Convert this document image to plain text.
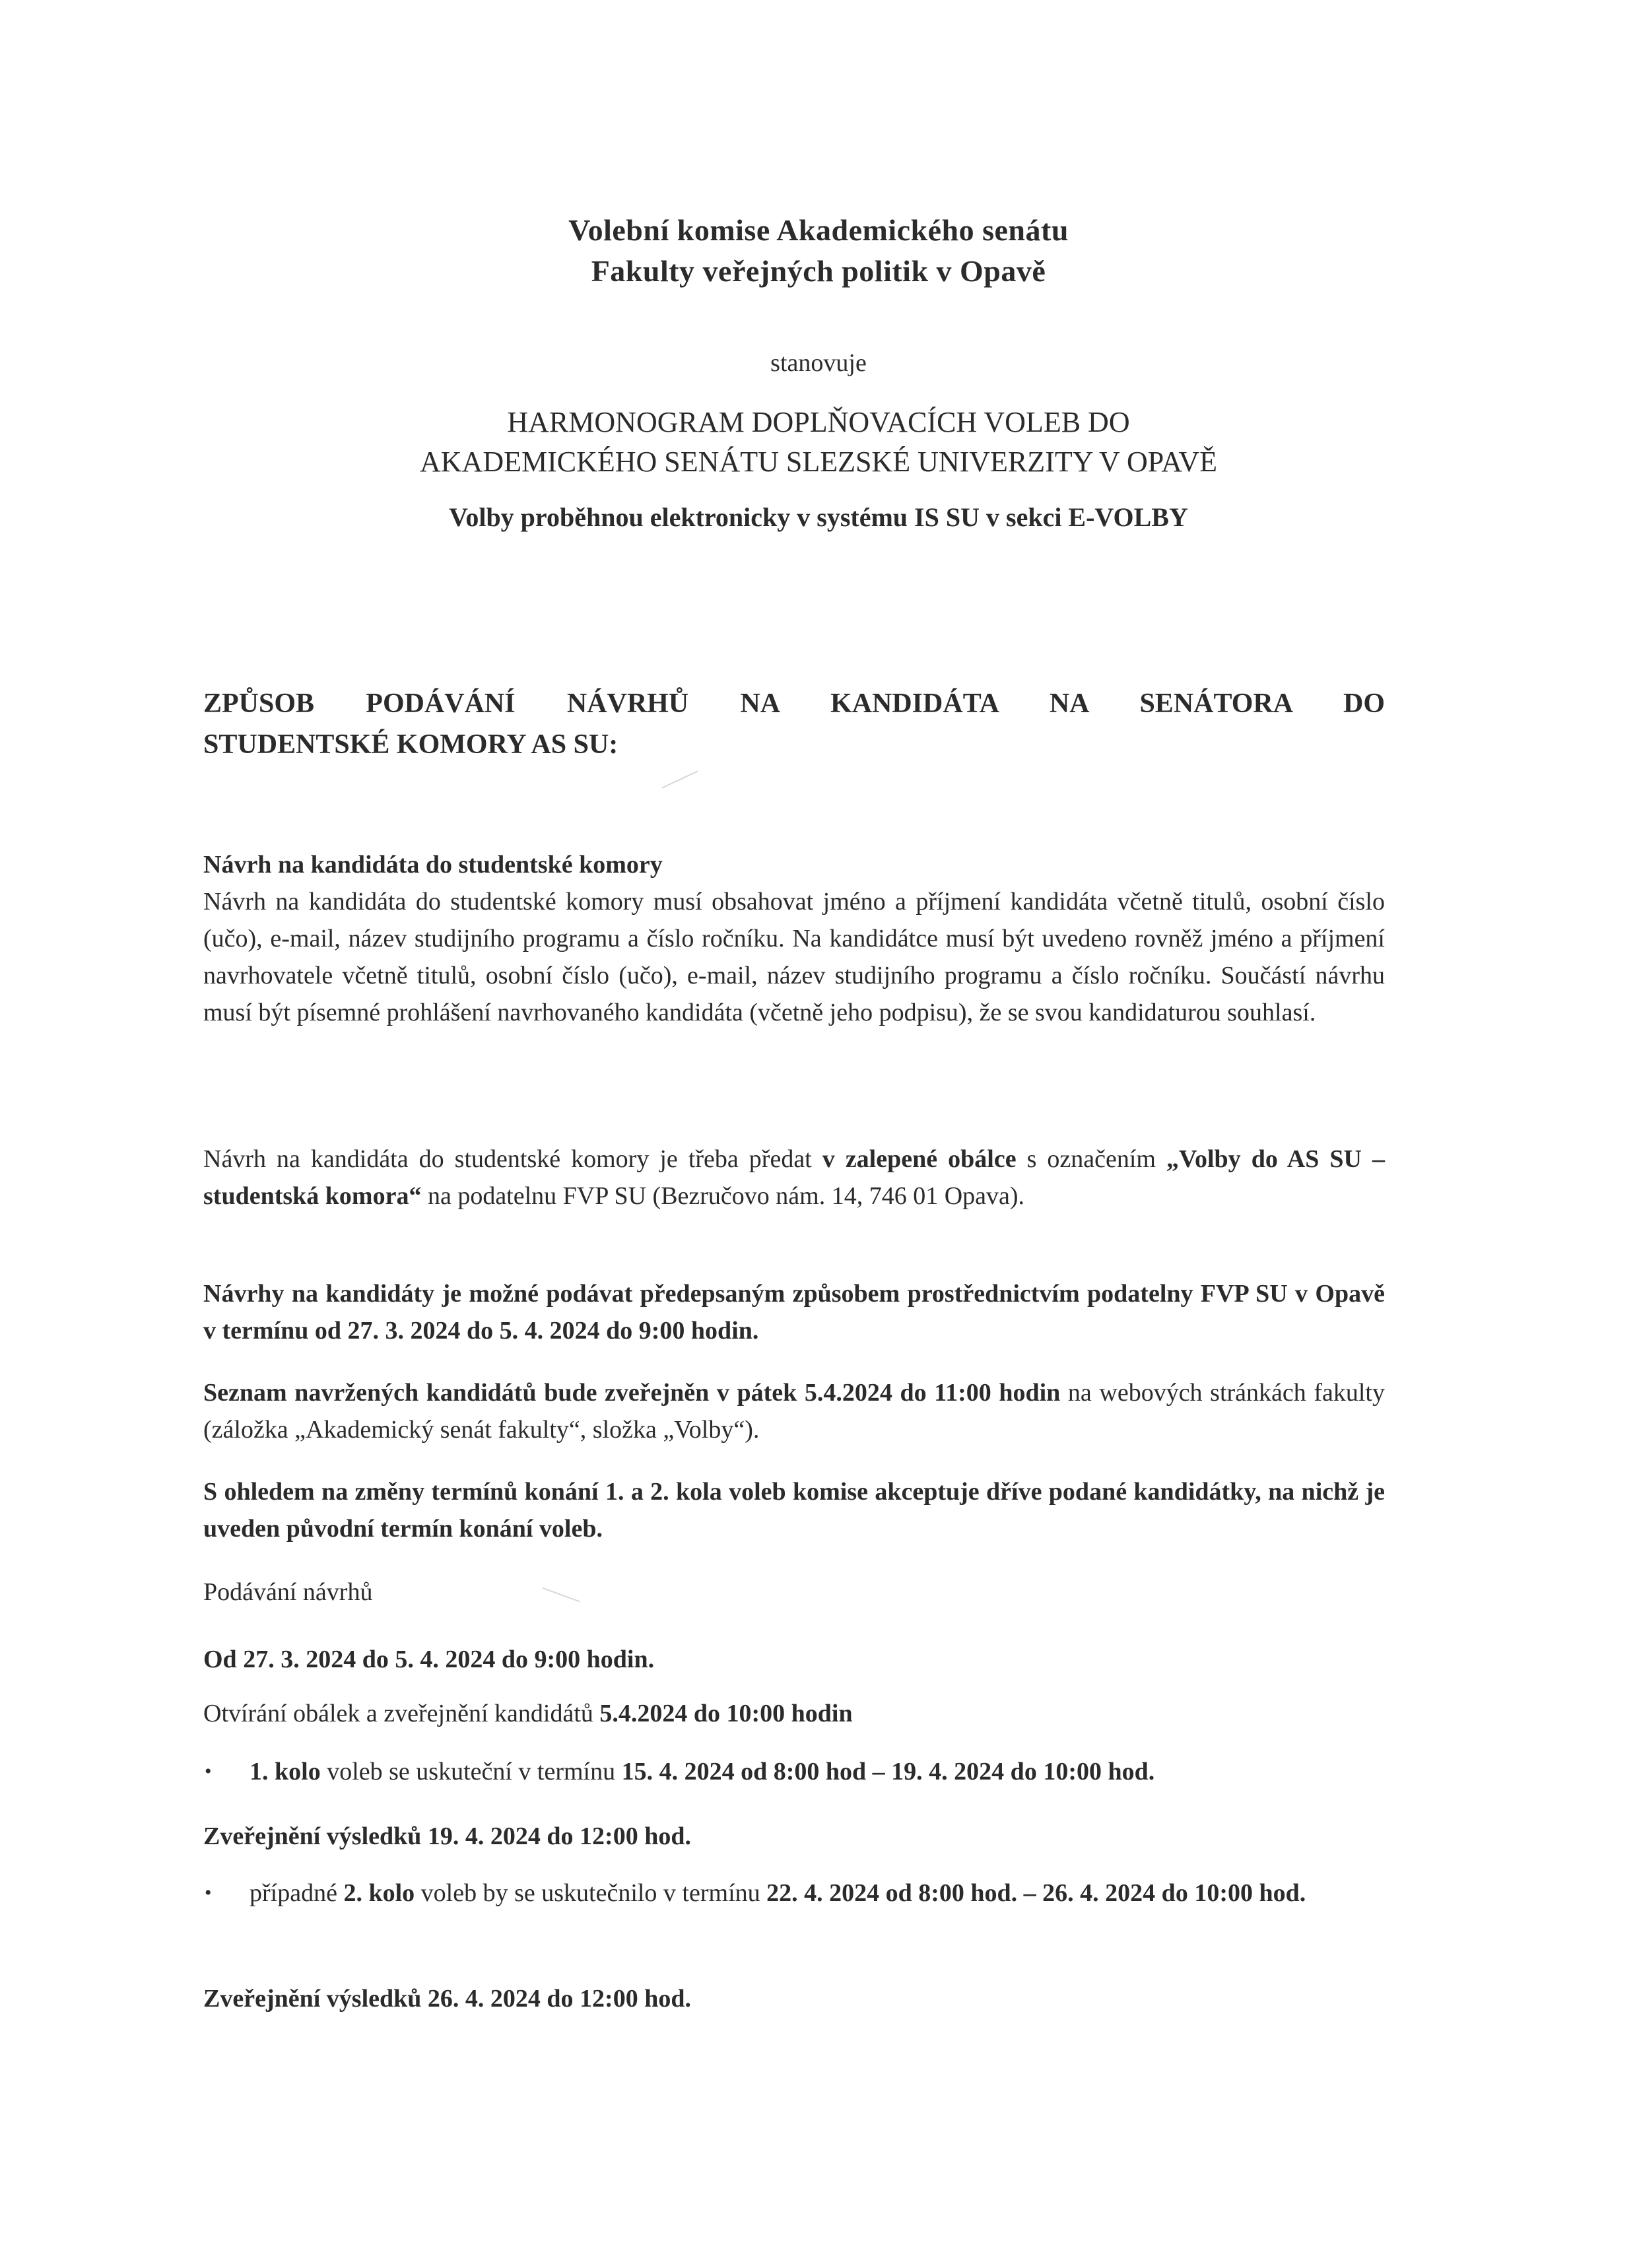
Volební komise Akademického senátu
Fakulty veřejných politik v Opavě
stanovuje
HARMONOGRAM DOPLŇOVACÍCH VOLEB DO
AKADEMICKÉHO SENÁTU SLEZSKÉ UNIVERZITY V OPAVĚ
Volby proběhnou elektronicky v systému IS SU v sekci E-VOLBY
ZPŮSOB PODÁVÁNÍ NÁVRHŮ NA KANDIDÁTA NA SENÁTORA DO
STUDENTSKÉ KOMORY AS SU:
Návrh na kandidáta do studentské komory
Návrh na kandidáta do studentské komory musí obsahovat jméno a příjmení kandidáta včetně titulů, osobní číslo (učo), e-mail, název studijního programu a číslo ročníku. Na kandidátce musí být uvedeno rovněž jméno a příjmení navrhovatele včetně titulů, osobní číslo (učo), e-mail, název studijního programu a číslo ročníku. Součástí návrhu musí být písemné prohlášení navrhovaného kandidáta (včetně jeho podpisu), že se svou kandidaturou souhlasí.
Návrh na kandidáta do studentské komory je třeba předat v zalepené obálce s označením „Volby do AS SU – studentská komora“ na podatelnu FVP SU (Bezručovo nám. 14, 746 01 Opava).
Návrhy na kandidáty je možné podávat předepsaným způsobem prostřednictvím podatelny FVP SU v Opavě v termínu od 27. 3. 2024 do 5. 4. 2024 do 9:00 hodin.
Seznam navržených kandidátů bude zveřejněn v pátek 5.4.2024 do 11:00 hodin na webových stránkách fakulty (záložka „Akademický senát fakulty“, složka „Volby“).
S ohledem na změny termínů konání 1. a 2. kola voleb komise akceptuje dříve podané kandidátky, na nichž je uveden původní termín konání voleb.
Podávání návrhů
Od 27. 3. 2024 do 5. 4. 2024 do 9:00 hodin.
Otvírání obálek a zveřejnění kandidátů 5.4.2024 do 10:00 hodin
• 1. kolo voleb se uskuteční v termínu 15. 4. 2024 od 8:00 hod – 19. 4. 2024 do 10:00 hod.
Zveřejnění výsledků 19. 4. 2024 do 12:00 hod.
• případné 2. kolo voleb by se uskutečnilo v termínu 22. 4. 2024 od 8:00 hod. – 26. 4. 2024 do 10:00 hod.
Zveřejnění výsledků 26. 4. 2024 do 12:00 hod.
